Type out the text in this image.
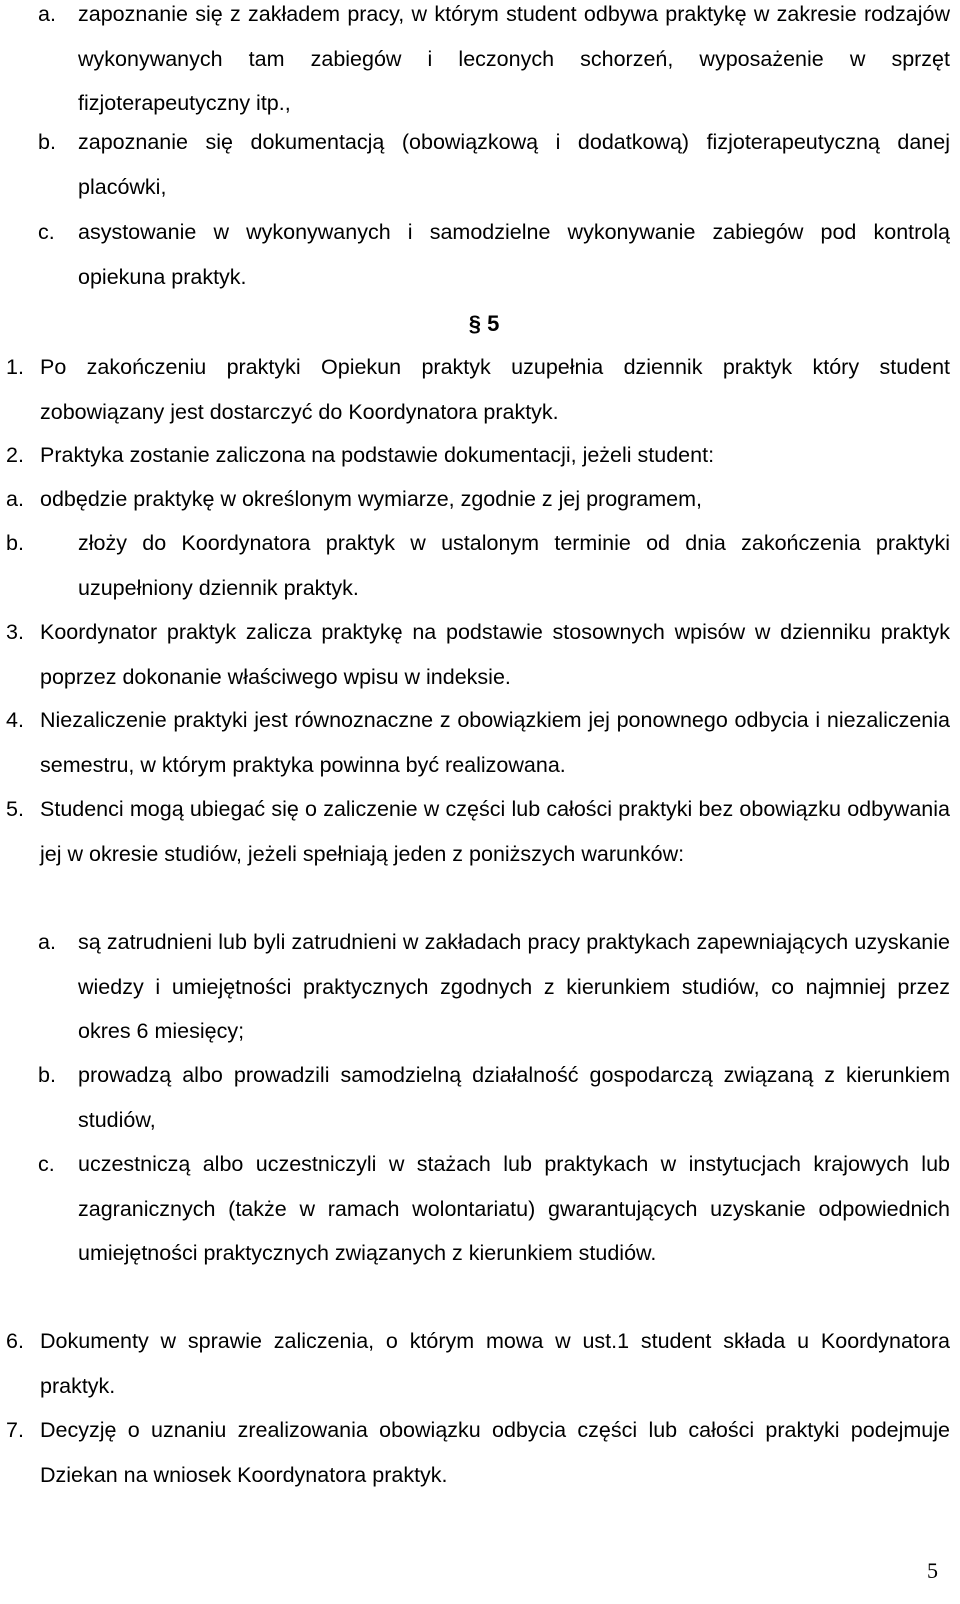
a.	zapoznanie się z zakładem pracy, w którym student odbywa praktykę w zakresie rodzajów wykonywanych tam zabiegów i leczonych schorzeń, wyposażenie w sprzęt fizjoterapeutyczny itp.,
b.	zapoznanie się dokumentacją (obowiązkową i dodatkową) fizjoterapeutyczną danej placówki,
c.	asystowanie w wykonywanych i samodzielne wykonywanie zabiegów pod kontrolą opiekuna praktyk.
§ 5
1. Po zakończeniu praktyki Opiekun praktyk uzupełnia dziennik praktyk który student zobowiązany jest dostarczyć do Koordynatora praktyk.
2. Praktyka zostanie zaliczona na podstawie dokumentacji, jeżeli student:
a. odbędzie praktykę w określonym wymiarze, zgodnie z jej programem,
b.	złoży do Koordynatora praktyk w ustalonym terminie od dnia zakończenia praktyki uzupełniony dziennik praktyk.
3. Koordynator praktyk zalicza praktykę na podstawie stosownych wpisów w dzienniku praktyk poprzez dokonanie właściwego wpisu w indeksie.
4. Niezaliczenie praktyki jest równoznaczne z obowiązkiem jej ponownego odbycia i niezaliczenia semestru, w którym praktyka powinna być realizowana.
5. Studenci mogą ubiegać się o zaliczenie w części lub całości praktyki bez obowiązku odbywania jej w okresie studiów, jeżeli spełniają jeden z poniższych warunków:
a.	są zatrudnieni lub byli zatrudnieni w zakładach pracy praktykach zapewniających uzyskanie wiedzy i umiejętności praktycznych zgodnych z kierunkiem studiów, co najmniej przez okres 6 miesięcy;
b.	prowadzą albo prowadzili samodzielną działalność gospodarczą związaną z kierunkiem studiów,
c.	uczestniczą albo uczestniczyli w stażach lub praktykach w instytucjach krajowych lub zagranicznych (także w ramach wolontariatu) gwarantujących uzyskanie odpowiednich umiejętności praktycznych związanych z kierunkiem studiów.
6. Dokumenty w sprawie zaliczenia, o którym mowa w ust.1 student składa u Koordynatora praktyk.
7. Decyzję o uznaniu zrealizowania obowiązku odbycia części lub całości praktyki podejmuje Dziekan na wniosek Koordynatora praktyk.
5
